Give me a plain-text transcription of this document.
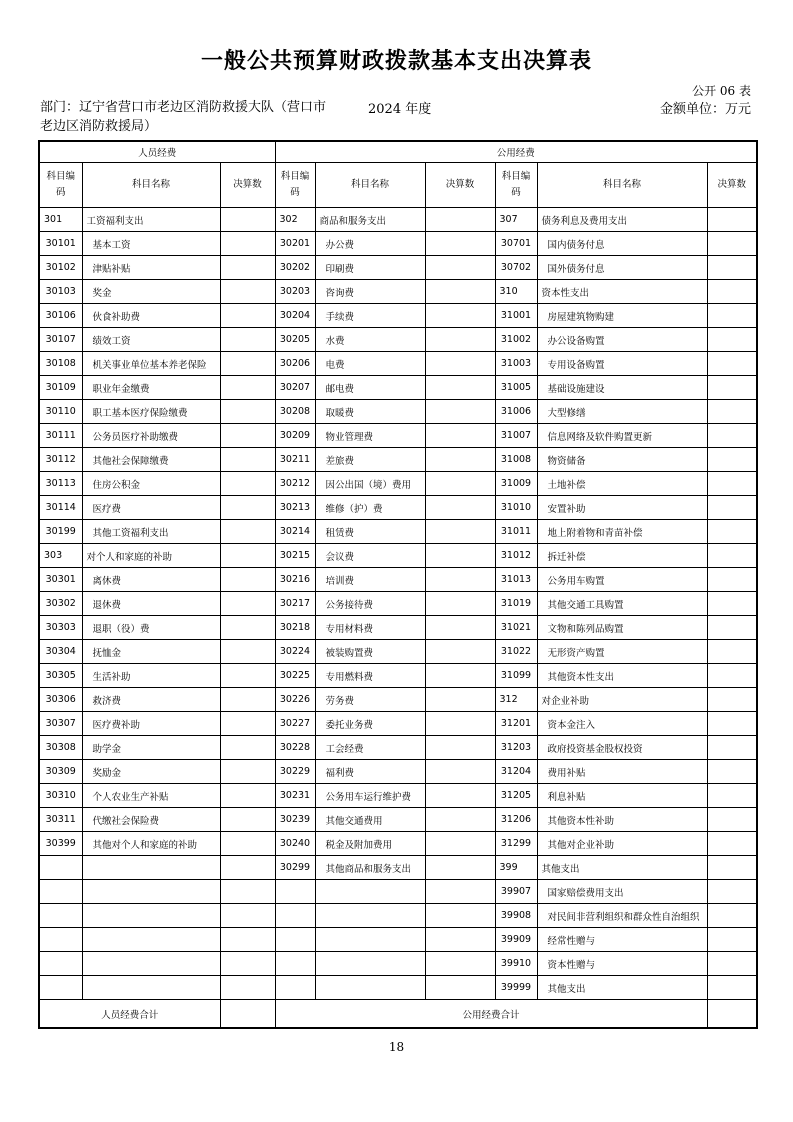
一般公共预算财政拨款基本支出决算表
公开 06 表
部门：辽宁省营口市老边区消防救援大队（营口市老边区消防救援局）
2024 年度	金额单位：万元
人员经费			公用经费					
科目编码	科目名称	决算数	科目编码	科目名称	决算数	科目编码	科目名称	决算数
301	工资福利支出		302	商品和服务支出		307	债务利息及费用支出	
30101	基本工资		30201	办公费		30701	国内债务付息	
30102	津贴补贴		30202	印刷费		30702	国外债务付息	
30103	奖金		30203	咨询费		310	资本性支出	
30106	伙食补助费		30204	手续费		31001	房屋建筑物购建	
30107	绩效工资		30205	水费		31002	办公设备购置	
30108	机关事业单位基本养老保险		30206	电费		31003	专用设备购置	
30109	职业年金缴费		30207	邮电费		31005	基础设施建设	
30110	职工基本医疗保险缴费		30208	取暖费		31006	大型修缮	
30111	公务员医疗补助缴费		30209	物业管理费		31007	信息网络及软件购置更新	
30112	其他社会保障缴费		30211	差旅费		31008	物资储备	
30113	住房公积金		30212	因公出国（境）费用		31009	土地补偿	
30114	医疗费		30213	维修（护）费		31010	安置补助	
30199	其他工资福利支出		30214	租赁费		31011	地上附着物和青苗补偿	
303	对个人和家庭的补助		30215	会议费		31012	拆迁补偿	
30301	离休费		30216	培训费		31013	公务用车购置	
30302	退休费		30217	公务接待费		31019	其他交通工具购置	
30303	退职（役）费		30218	专用材料费		31021	文物和陈列品购置	
30304	抚恤金		30224	被装购置费		31022	无形资产购置	
30305	生活补助		30225	专用燃料费		31099	其他资本性支出	
30306	救济费		30226	劳务费		312	对企业补助	
30307	医疗费补助		30227	委托业务费		31201	资本金注入	
30308	助学金		30228	工会经费		31203	政府投资基金股权投资	
30309	奖励金		30229	福利费		31204	费用补贴	
30310	个人农业生产补贴		30231	公务用车运行维护费		31205	利息补贴	
30311	代缴社会保险费		30239	其他交通费用		31206	其他资本性补助	
30399	其他对个人和家庭的补助		30240	税金及附加费用		31299	其他对企业补助	
			30299	其他商品和服务支出		399	其他支出	
						39907	国家赔偿费用支出	
						39908	对民间非营利组织和群众性自治组织	
						39909	经常性赠与	
						39910	资本性赠与	
						39999	其他支出	
人员经费合计			公用经费合计					
18
